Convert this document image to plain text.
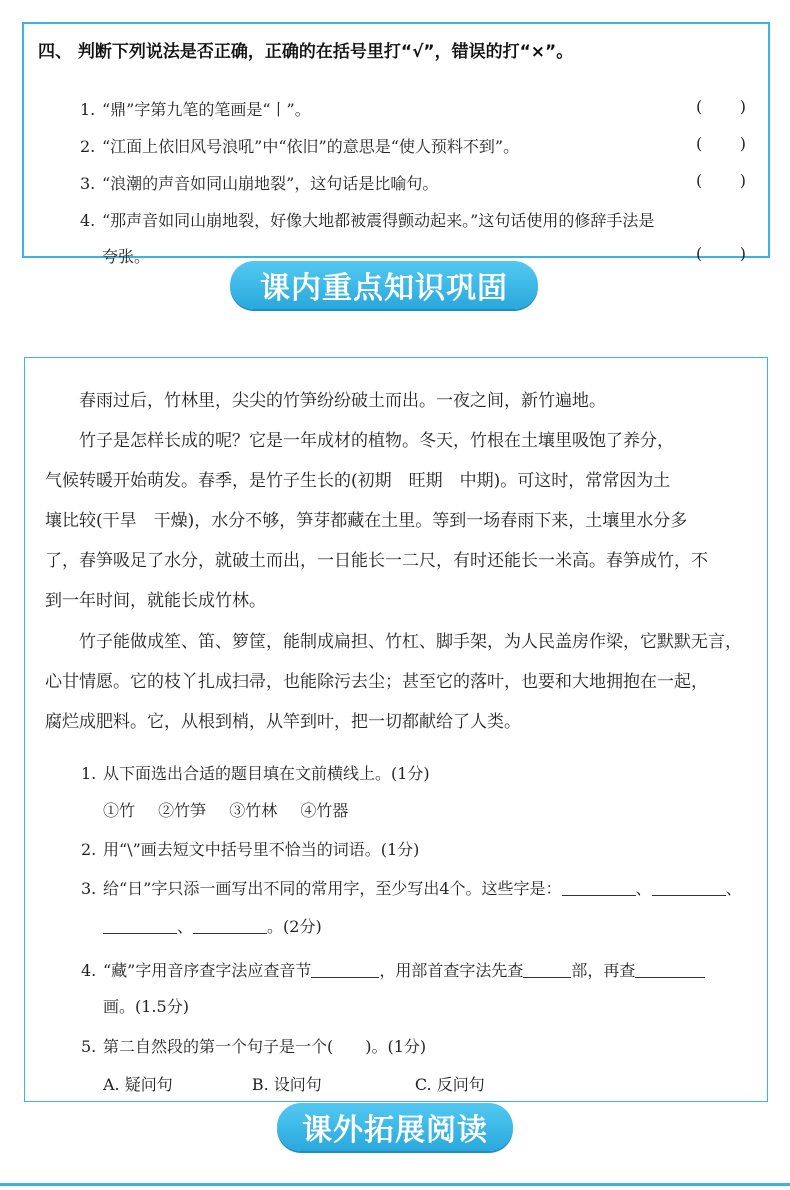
四、 判断下列说法是否正确，正确的在括号里打“√”，错误的打“×”。
1. “鼎”字第九笔的笔画是“丨”。	( )
2. “江面上依旧风号浪吼”中“依旧”的意思是“使人预料不到”。	( )
3. “浪潮的声音如同山崩地裂”，这句话是比喻句。	( )
4. “那声音如同山崩地裂，好像大地都被震得颤动起来。”这句话使用的修辞手法是
夸张。	( )
课内重点知识巩固
春雨过后，竹林里，尖尖的竹笋纷纷破土而出。一夜之间，新竹遍地。
竹子是怎样长成的呢？它是一年成材的植物。冬天，竹根在土壤里吸饱了养分，
气候转暖开始萌发。春季，是竹子生长的(初期　旺期　中期)。可这时，常常因为土
壤比较(干旱　干燥)，水分不够，笋芽都藏在土里。等到一场春雨下来，土壤里水分多
了，春笋吸足了水分，就破土而出，一日能长一二尺，有时还能长一米高。春笋成竹，不
到一年时间，就能长成竹林。
竹子能做成笙、笛、箩筐，能制成扁担、竹杠、脚手架，为人民盖房作梁，它默默无言，
心甘情愿。它的枝丫扎成扫帚，也能除污去尘；甚至它的落叶，也要和大地拥抱在一起，
腐烂成肥料。它，从根到梢，从竿到叶，把一切都献给了人类。
1. 从下面选出合适的题目填在文前横线上。(1分)
①竹 ②竹笋 ③竹林 ④竹器
2. 用“\”画去短文中括号里不恰当的词语。(1分)
3. 给“日”字只添一画写出不同的常用字，至少写出4个。这些字是：	、	、
、	。(2分)
4. “藏”字用音序查字法应查音节	，用部首查字法先查	部，再查
画。(1.5分)
5. 第二自然段的第一个句子是一个(　　)。(1分)
A. 疑问句	B. 设问句	C. 反问句
课外拓展阅读
